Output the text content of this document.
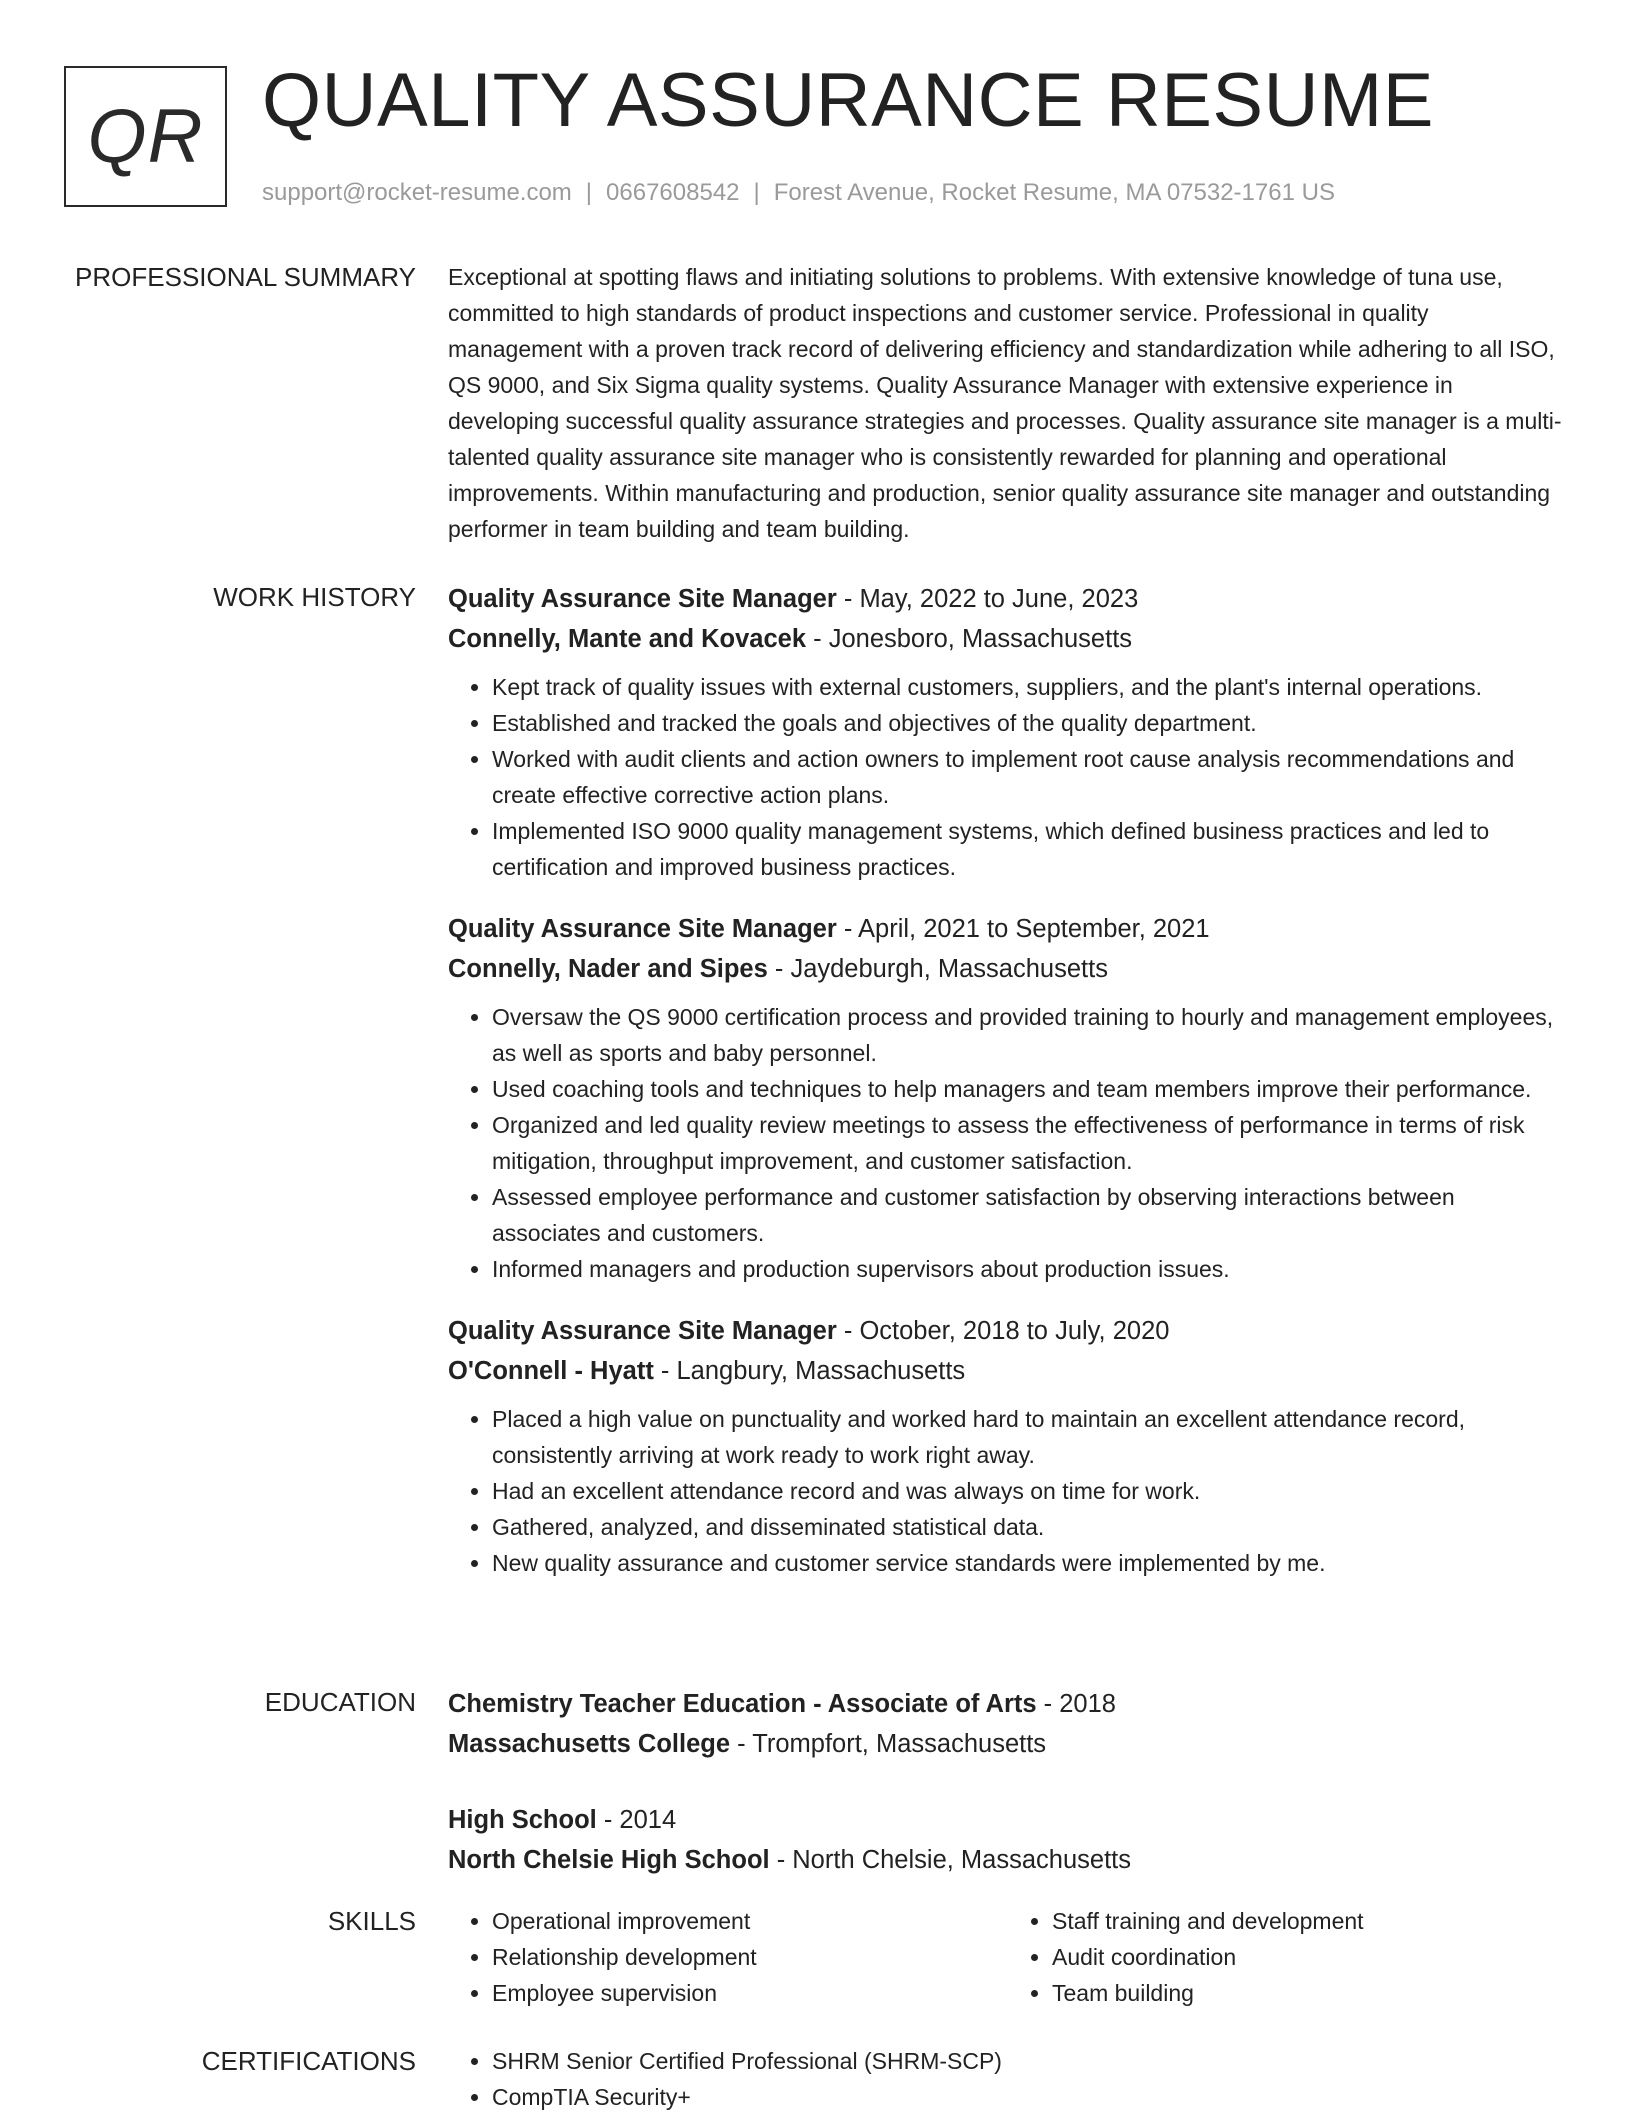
QR QUALITY ASSURANCE RESUME
support@rocket-resume.com | 0667608542 | Forest Avenue, Rocket Resume, MA 07532-1761 US
PROFESSIONAL SUMMARY Exceptional at spotting flaws and initiating solutions to problems. With extensive knowledge of tuna use, committed to high standards of product inspections and customer service. Professional in quality management with a proven track record of delivering efficiency and standardization while adhering to all ISO, QS 9000, and Six Sigma quality systems. Quality Assurance Manager with extensive experience in developing successful quality assurance strategies and processes. Quality assurance site manager is a multi-talented quality assurance site manager who is consistently rewarded for planning and operational improvements. Within manufacturing and production, senior quality assurance site manager and outstanding performer in team building and team building.

WORK HISTORY Quality Assurance Site Manager - May, 2022 to June, 2023
Connelly, Mante and Kovacek - Jonesboro, Massachusetts
• Kept track of quality issues with external customers, suppliers, and the plant's internal operations.
• Established and tracked the goals and objectives of the quality department.
• Worked with audit clients and action owners to implement root cause analysis recommendations and create effective corrective action plans.
• Implemented ISO 9000 quality management systems, which defined business practices and led to certification and improved business practices.
Quality Assurance Site Manager - April, 2021 to September, 2021
Connelly, Nader and Sipes - Jaydeburgh, Massachusetts
• Oversaw the QS 9000 certification process and provided training to hourly and management employees, as well as sports and baby personnel.
• Used coaching tools and techniques to help managers and team members improve their performance.
• Organized and led quality review meetings to assess the effectiveness of performance in terms of risk mitigation, throughput improvement, and customer satisfaction.
• Assessed employee performance and customer satisfaction by observing interactions between associates and customers.
• Informed managers and production supervisors about production issues.
Quality Assurance Site Manager - October, 2018 to July, 2020
O'Connell - Hyatt - Langbury, Massachusetts
• Placed a high value on punctuality and worked hard to maintain an excellent attendance record, consistently arriving at work ready to work right away.
• Had an excellent attendance record and was always on time for work.
• Gathered, analyzed, and disseminated statistical data.
• New quality assurance and customer service standards were implemented by me.
EDUCATION Chemistry Teacher Education - Associate of Arts - 2018
Massachusetts College - Trompfort, Massachusetts
High School - 2014
North Chelsie High School - North Chelsie, Massachusetts
SKILLS	• Operational improvement
• Relationship development
• Employee supervision
• Staff training and development
• Audit coordination
• Team building
CERTIFICATIONS	• SHRM Senior Certified Professional (SHRM-SCP)
• CompTIA Security+
